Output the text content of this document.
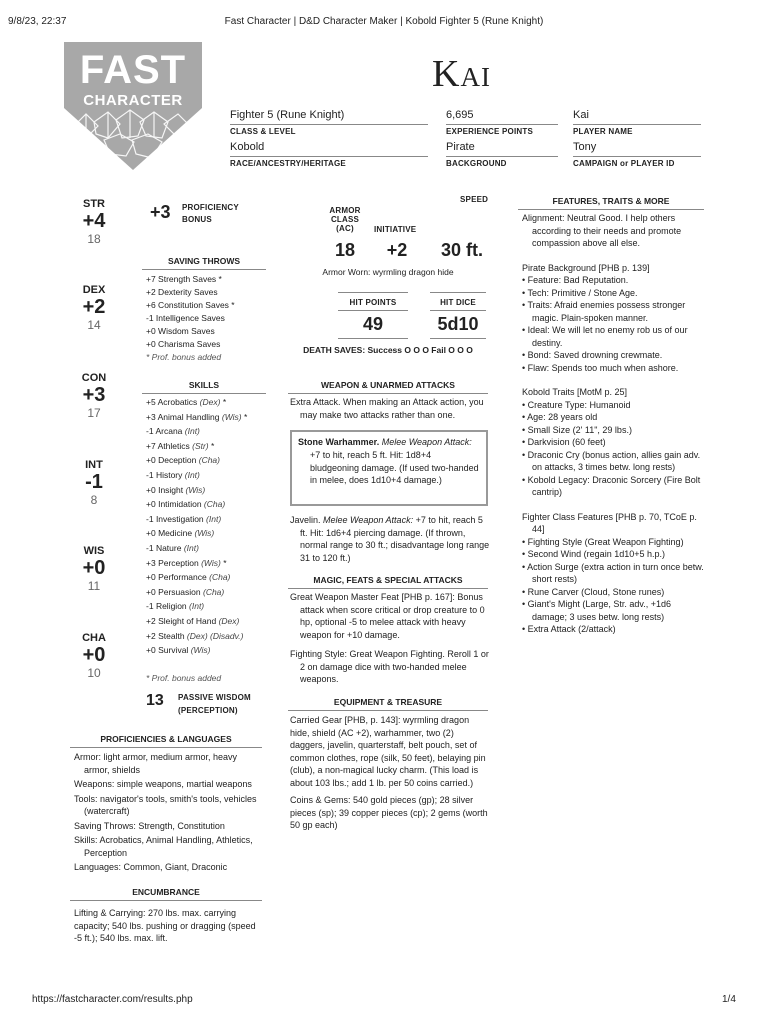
9/8/23, 22:37	Fast Character | D&D Character Maker | Kobold Fighter 5 (Rune Knight)
https://fastcharacter.com/results.php	1/4
FAST
CHARACTER
Kai
Fighter 5 (Rune Knight)
CLASS & LEVEL
6,695
EXPERIENCE POINTS
Kai
PLAYER NAME
Kobold
RACE/ANCESTRY/HERITAGE
Pirate
BACKGROUND
Tony
CAMPAIGN or PLAYER ID
STR
+4
18
DEX
+2
14
CON
+3
17
INT
-1
8
WIS
+0
11
CHA
+0
10
+3 PROFICIENCY
BONUS
SAVING THROWS
+7 Strength Saves *
+2 Dexterity Saves
+6 Constitution Saves *
-1 Intelligence Saves
+0 Wisdom Saves
+0 Charisma Saves
* Prof. bonus added
SKILLS
+5 Acrobatics (Dex) *
+3 Animal Handling (Wis) *
-1 Arcana (Int)
+7 Athletics (Str) *
+0 Deception (Cha)
-1 History (Int)
+0 Insight (Wis)
+0 Intimidation (Cha)
-1 Investigation (Int)
+0 Medicine (Wis)
-1 Nature (Int)
+3 Perception (Wis) *
+0 Performance (Cha)
+0 Persuasion (Cha)
-1 Religion (Int)
+2 Sleight of Hand (Dex)
+2 Stealth (Dex) (Disadv.)
+0 Survival (Wis)
* Prof. bonus added
13 PASSIVE WISDOM
(PERCEPTION)
PROFICIENCIES & LANGUAGES
Armor: light armor, medium armor, heavy armor, shields
Weapons: simple weapons, martial weapons
Tools: navigator's tools, smith's tools, vehicles (watercraft)
Saving Throws: Strength, Constitution
Skills: Acrobatics, Animal Handling, Athletics, Perception
Languages: Common, Giant, Draconic
ENCUMBRANCE
Lifting & Carrying: 270 lbs. max. carrying capacity; 540 lbs. pushing or dragging (speed -5 ft.); 540 lbs. max. lift.
ARMOR
CLASS
(AC)	INITIATIVE
SPEED
18	+2	30 ft.
Armor Worn: wyrmling dragon hide
HIT POINTS	HIT DICE
49	5d10
DEATH SAVES: Success O O O Fail O O O
WEAPON & UNARMED ATTACKS
Extra Attack. When making an Attack action, you may make two attacks rather than one.
Stone Warhammer. Melee Weapon Attack:
+7 to hit, reach 5 ft. Hit: 1d8+4 bludgeoning damage. (If used two-handed in melee, does 1d10+4 damage.)
Javelin. Melee Weapon Attack: +7 to hit, reach 5 ft. Hit: 1d6+4 piercing damage. (If thrown, normal range to 30 ft.; disadvantage long range 31 to 120 ft.)
MAGIC, FEATS & SPECIAL ATTACKS
Great Weapon Master Feat [PHB p. 167]: Bonus attack when score critical or drop creature to 0 hp, optional -5 to melee attack with heavy weapon for +10 damage.
Fighting Style: Great Weapon Fighting. Reroll 1 or 2 on damage dice with two-handed melee weapons.
EQUIPMENT & TREASURE
Carried Gear [PHB, p. 143]: wyrmling dragon hide, shield (AC +2), warhammer, two (2) daggers, javelin, quarterstaff, belt pouch, set of common clothes, rope (silk, 50 feet), belaying pin (club), a non-magical lucky charm. (This load is about 103 lbs.; add 1 lb. per 50 coins carried.)
Coins & Gems: 540 gold pieces (gp); 28 silver pieces (sp); 39 copper pieces (cp); 2 gems (worth 50 gp each)
FEATURES, TRAITS & MORE
Alignment: Neutral Good. I help others according to their needs and promote compassion above all else.
Pirate Background [PHB p. 139]
• Feature: Bad Reputation.
• Tech: Primitive / Stone Age.
• Traits: Afraid enemies possess stronger magic. Plain-spoken manner.
• Ideal: We will let no enemy rob us of our destiny.
• Bond: Saved drowning crewmate.
• Flaw: Spends too much when ashore.
Kobold Traits [MotM p. 25]
• Creature Type: Humanoid
• Age: 28 years old
• Small Size (2' 11", 29 lbs.)
• Darkvision (60 feet)
• Draconic Cry (bonus action, allies gain adv. on attacks, 3 times betw. long rests)
• Kobold Legacy: Draconic Sorcery (Fire Bolt cantrip)
Fighter Class Features [PHB p. 70, TCoE p. 44]
• Fighting Style (Great Weapon Fighting)
• Second Wind (regain 1d10+5 h.p.)
• Action Surge (extra action in turn once betw. short rests)
• Rune Carver (Cloud, Stone runes)
• Giant's Might (Large, Str. adv., +1d6 damage; 3 uses betw. long rests)
• Extra Attack (2/attack)
